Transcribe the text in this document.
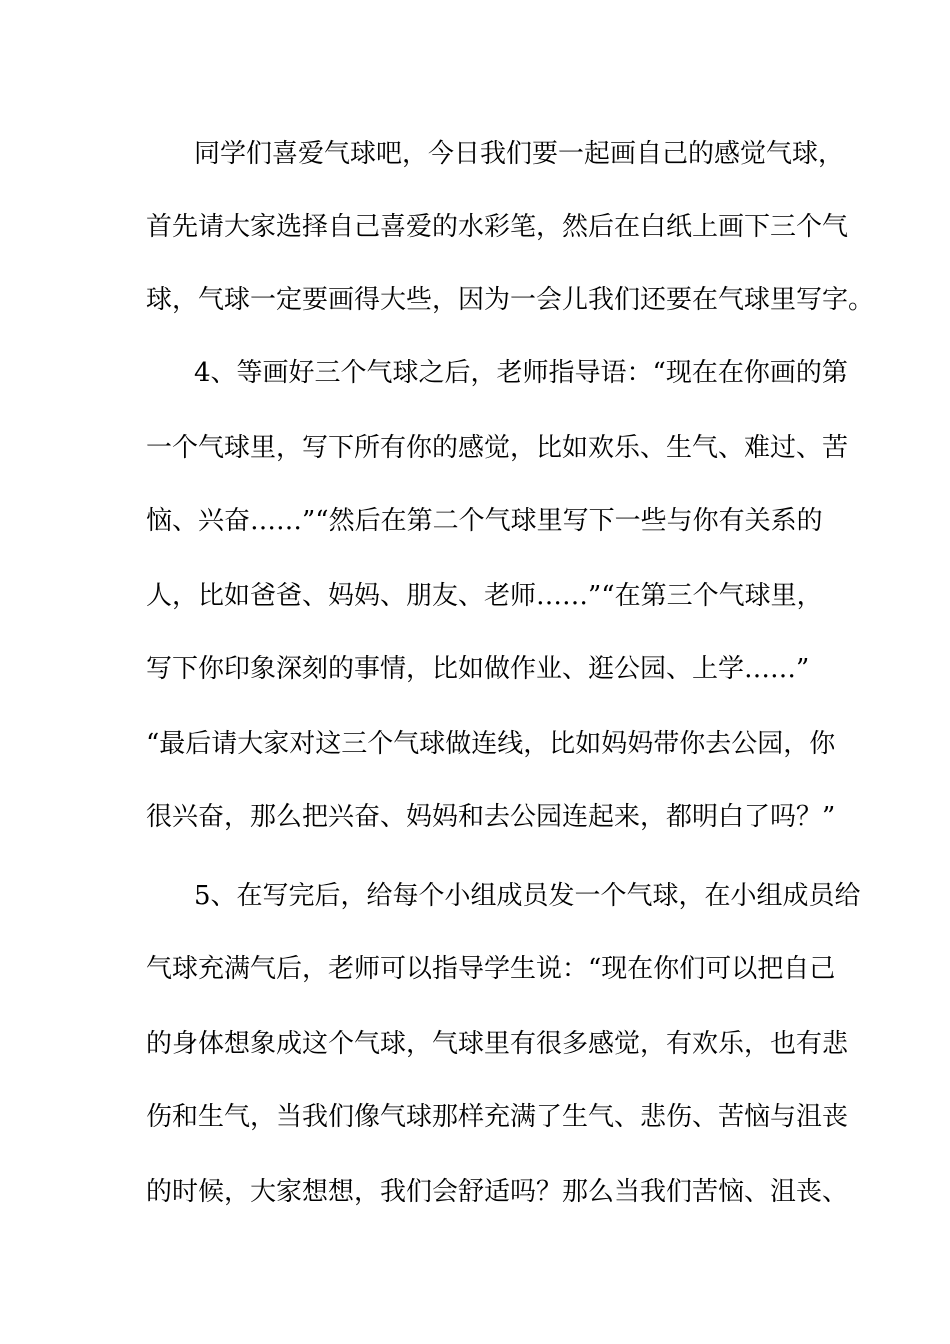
同学们喜爱气球吧，今日我们要一起画自己的感觉气球，
首先请大家选择自己喜爱的水彩笔，然后在白纸上画下三个气
球，气球一定要画得大些，因为一会儿我们还要在气球里写字。
4、等画好三个气球之后，老师指导语：“现在在你画的第
一个气球里，写下所有你的感觉，比如欢乐、生气、难过、苦
恼、兴奋……”“然后在第二个气球里写下一些与你有关系的
人，比如爸爸、妈妈、朋友、老师……”“在第三个气球里，
写下你印象深刻的事情，比如做作业、逛公园、上学……”
“最后请大家对这三个气球做连线，比如妈妈带你去公园，你
很兴奋，那么把兴奋、妈妈和去公园连起来，都明白了吗？”
5、在写完后，给每个小组成员发一个气球，在小组成员给
气球充满气后，老师可以指导学生说：“现在你们可以把自己
的身体想象成这个气球，气球里有很多感觉，有欢乐，也有悲
伤和生气，当我们像气球那样充满了生气、悲伤、苦恼与沮丧
的时候，大家想想，我们会舒适吗？那么当我们苦恼、沮丧、
